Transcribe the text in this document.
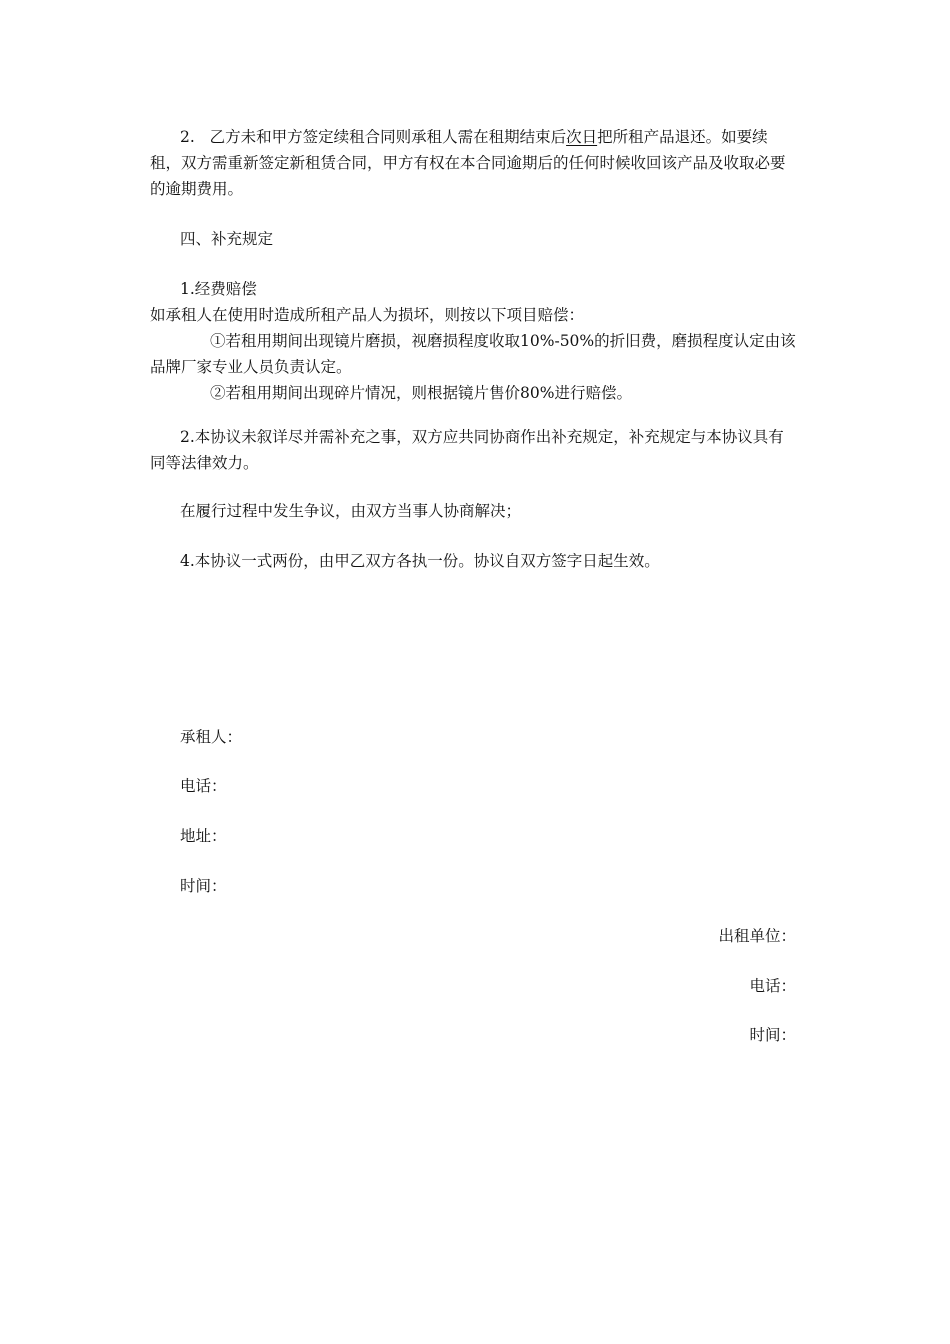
2. 乙方未和甲方签定续租合同则承租人需在租期结束后次日把所租产品退还。如要续租，双方需重新签定新租赁合同，甲方有权在本合同逾期后的任何时候收回该产品及收取必要的逾期费用。

四、补充规定

1.经费赔偿

如承租人在使用时造成所租产品人为损坏，则按以下项目赔偿：

①若租用期间出现镜片磨损，视磨损程度收取10%-50%的折旧费，磨损程度认定由该品牌厂家专业人员负责认定。

②若租用期间出现碎片情况，则根据镜片售价80%进行赔偿。

2.本协议未叙详尽并需补充之事，双方应共同协商作出补充规定，补充规定与本协议具有同等法律效力。

在履行过程中发生争议，由双方当事人协商解决；

4.本协议一式两份，由甲乙双方各执一份。协议自双方签字日起生效。

承租人：
电话：
地址：
时间：
出租单位：
电话：
时间：
